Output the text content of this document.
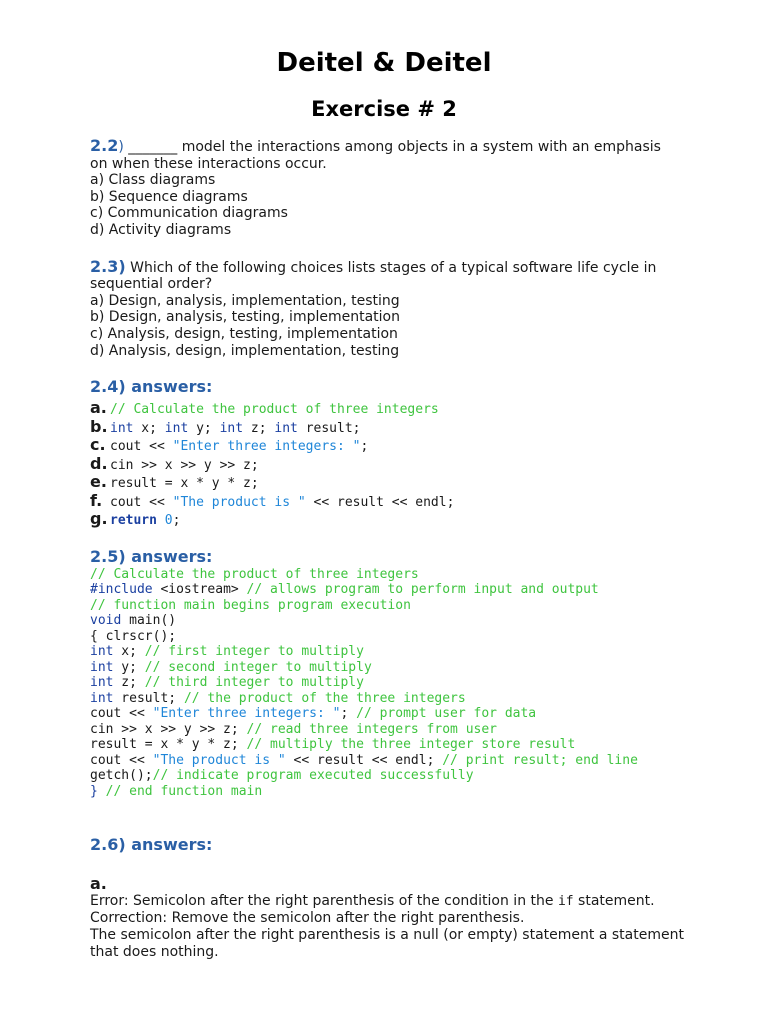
Deitel & Deitel
Exercise # 2
2.2) _______ model the interactions among objects in a system with an emphasis
on when these interactions occur.
a) Class diagrams
b) Sequence diagrams
c) Communication diagrams
d) Activity diagrams
2.3) Which of the following choices lists stages of a typical software life cycle in
sequential order?
a) Design, analysis, implementation, testing
b) Design, analysis, testing, implementation
c) Analysis, design, testing, implementation
d) Analysis, design, implementation, testing
2.4) answers:
a. // Calculate the product of three integers
b. int x; int y; int z; int result;
c. cout << "Enter three integers: ";
d. cin >> x >> y >> z;
e. result = x * y * z;
f. cout << "The product is " << result << endl;
g. return 0;
2.5) answers:
// Calculate the product of three integers
#include <iostream> // allows program to perform input and output
// function main begins program execution
void main()
{ clrscr();
int x; // first integer to multiply
int y; // second integer to multiply
int z; // third integer to multiply
int result; // the product of the three integers
cout << "Enter three integers: "; // prompt user for data
cin >> x >> y >> z; // read three integers from user
result = x * y * z; // multiply the three integer store result
cout << "The product is " << result << endl; // print result; end line
getch();// indicate program executed successfully
} // end function main
2.6) answers:
a.
Error: Semicolon after the right parenthesis of the condition in the if statement.
Correction: Remove the semicolon after the right parenthesis.
The semicolon after the right parenthesis is a null (or empty) statement a statement
that does nothing.
